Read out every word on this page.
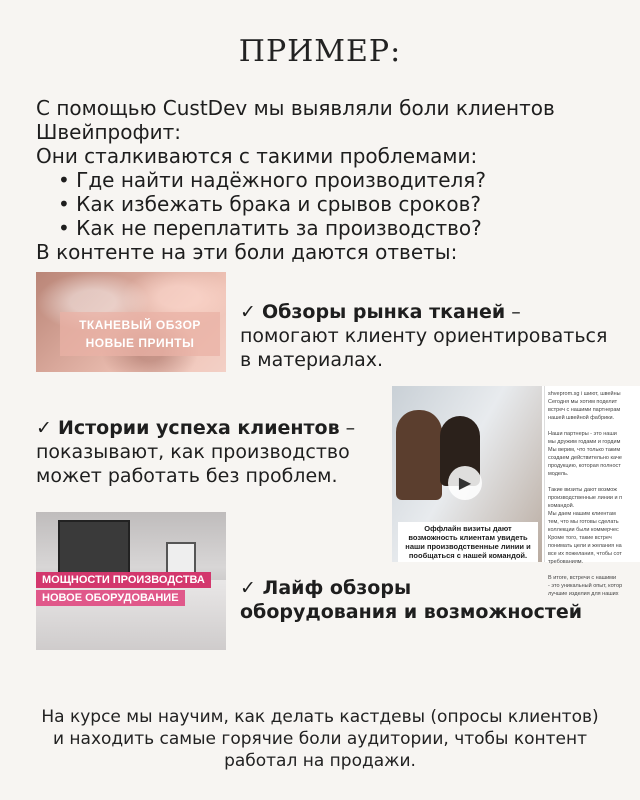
ПРИМЕР:
С помощью CustDev мы выявляли боли клиентов Швейпрофит:
Они сталкиваются с такими проблемами:
• Где найти надёжного производителя?
• Как избежать брака и срывов сроков?
• Как не переплатить за производство?
В контенте на эти боли даются ответы:
ТКАНЕВЫЙ ОБЗОР
НОВЫЕ ПРИНТЫ
✓ Обзоры рынка тканей – помогают клиенту ориентироваться в материалах.
▶
Оффлайн визиты дают возможность клиентам увидеть наши производственные линии и пообщаться с нашей командой.
shveprom.sg і шиют, швейны
Сегодня мы хотим поделит
встреч с нашими партнерам
нашей швейной фабрики.

Наши партнеры - это наши
мы дружим годами и гордим
Мы верим, что только таким
создаем действительно каче
продукцию, которая полност
модель.

Такие визиты дают возмож
производственные линии и п
командой.
Мы даем нашим клиентам
тем, что мы готовы сделать
коллекции были коммерчес
Кроме того, такие встреч
понимать цели и желания на
все их пожелания, чтобы сот
требованиям.

В итоге, встречи с нашими
- это уникальный опыт, котор
лучшие изделия для наших
✓ Истории успеха клиентов – показывают, как производство может работать без проблем.
МОЩНОСТИ ПРОИЗВОДСТВА
НОВОЕ ОБОРУДОВАНИЕ	✓ Лайф обзоры
оборудования и возможностей
На курсе мы научим, как делать кастдевы (опросы клиентов) и находить самые горячие боли аудитории, чтобы контент работал на продажи.
